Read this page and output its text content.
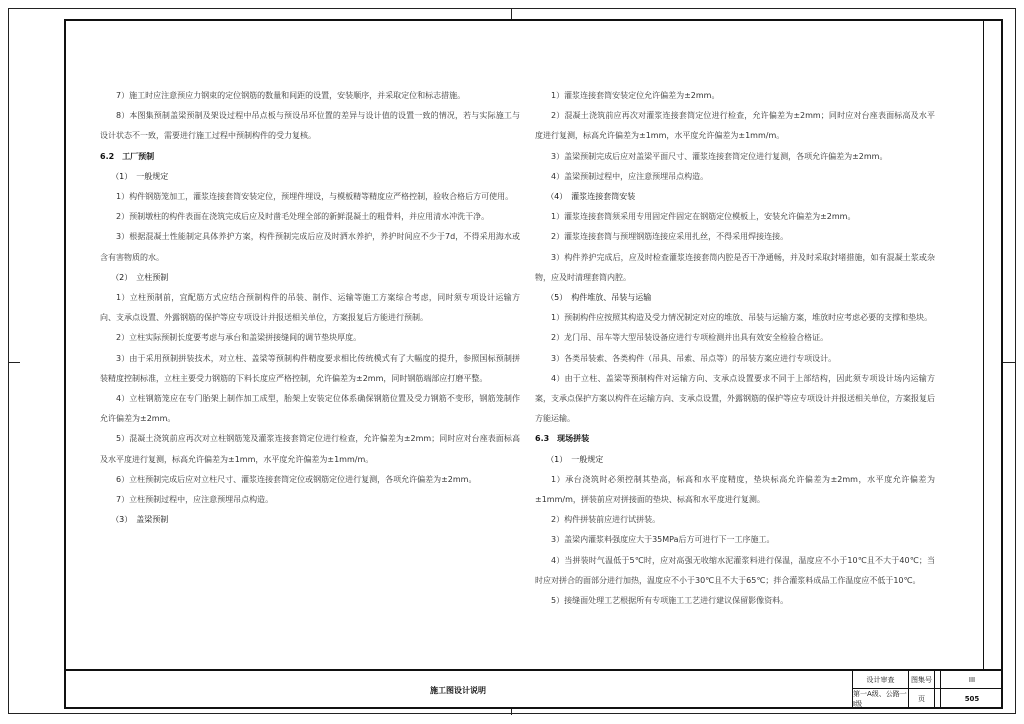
7）施工时应注意预应力钢束的定位钢筋的数量和间距的设置，安装顺序，并采取定位和标志措施。
8）本图集预制盖梁预制及架设过程中吊点板与预设吊环位置的差异与设计值的设置一致的情况，若与实际施工与设计状态不一致，需要进行施工过程中预制构件的受力复核。
6.2　工厂预制
（1）　一般规定
1）构件钢筋笼加工，灌浆连接套筒安装定位，预埋件埋设，与模板精等精度应严格控制，验收合格后方可使用。
2）预制墩柱的构件表面在浇筑完成后应及时凿毛处理全部的新鲜混凝土的粗骨料，并应用清水冲洗干净。
3）根据混凝土性能制定具体养护方案，构件预制完成后应及时洒水养护，养护时间应不少于7d，不得采用海水或含有害物质的水。
（2）　立柱预制
1）立柱预制前，宜配筋方式应结合预制构件的吊装、制作、运输等施工方案综合考虑，同时须专项设计运输方向、支承点设置、外露钢筋的保护等应专项设计并报送相关单位，方案报复后方能进行预制。
2）立柱实际预制长度要考虑与承台和盖梁拼接缝间的调节垫块厚度。
3）由于采用预制拼装技术，对立柱、盖梁等预制构件精度要求相比传统模式有了大幅度的提升，参照国标预制拼装精度控制标准，立柱主要受力钢筋的下料长度应严格控制，允许偏差为±2mm，同时钢筋端部应打磨平整。
4）立柱钢筋笼应在专门胎架上制作加工成型，胎架上安装定位体系确保钢筋位置及受力钢筋不变形，钢筋笼制作允许偏差为±2mm。
5）混凝土浇筑前应再次对立柱钢筋笼及灌浆连接套筒定位进行检查，允许偏差为±2mm；同时应对台座表面标高及水平度进行复测，标高允许偏差为±1mm，水平度允许偏差为±1mm/m。
6）立柱预制完成后应对立柱尺寸、灌浆连接套筒定位或钢筋定位进行复测，各项允许偏差为±2mm。
7）立柱预制过程中，应注意预埋吊点构造。
（3）　盖梁预制
1）灌浆连接套筒安装定位允许偏差为±2mm。
2）混凝土浇筑前应再次对灌浆连接套筒定位进行检查，允许偏差为±2mm；同时应对台座表面标高及水平度进行复测，标高允许偏差为±1mm，水平度允许偏差为±1mm/m。
3）盖梁预制完成后应对盖梁平面尺寸、灌浆连接套筒定位进行复测，各项允许偏差为±2mm。
4）盖梁预制过程中，应注意预埋吊点构造。
（4）　灌浆连接套筒安装
1）灌浆连接套筒须采用专用固定件固定在钢筋定位模板上，安装允许偏差为±2mm。
2）灌浆连接套筒与预埋钢筋连接应采用扎丝，不得采用焊接连接。
3）构件养护完成后，应及时检查灌浆连接套筒内腔是否干净通畅，并及时采取封堵措施，如有混凝土浆或杂物，应及时清理套筒内腔。
（5）　构件堆放、吊装与运输
1）预制构件应按照其构造及受力情况制定对应的堆放、吊装与运输方案，堆放时应考虑必要的支撑和垫块。
2）龙门吊、吊车等大型吊装设备应进行专项检测并出具有效安全检验合格证。
3）各类吊装索、各类构件（吊具、吊索、吊点等）的吊装方案应进行专项设计。
4）由于立柱、盖梁等预制构件对运输方向、支承点设置要求不同于上部结构，因此须专项设计场内运输方案，支承点保护方案以构件在运输方向、支承点设置，外露钢筋的保护等应专项设计并报送相关单位，方案报复后方能运输。
6.3　现场拼装
（1）　一般规定
1）承台浇筑时必须控制其垫高，标高和水平度精度，垫块标高允许偏差为±2mm，水平度允许偏差为±1mm/m，拼装前应对拼接面的垫块、标高和水平度进行复测。
2）构件拼装前应进行试拼装。
3）盖梁内灌浆料强度应大于35MPa后方可进行下一工序施工。
4）当拼装时气温低于5℃时，应对高强无收缩水泥灌浆料进行保温，温度应不小于10℃且不大于40℃；当时应对拼合的面部分进行加热，温度应不小于30℃且不大于65℃；拌合灌浆料成品工作温度应不低于10℃。
5）接缝面处理工艺根据所有专项施工工艺进行建议保留影像资料。
施工图设计说明
设计审查	图集号	III
第一A级、公路一I级
页	505
